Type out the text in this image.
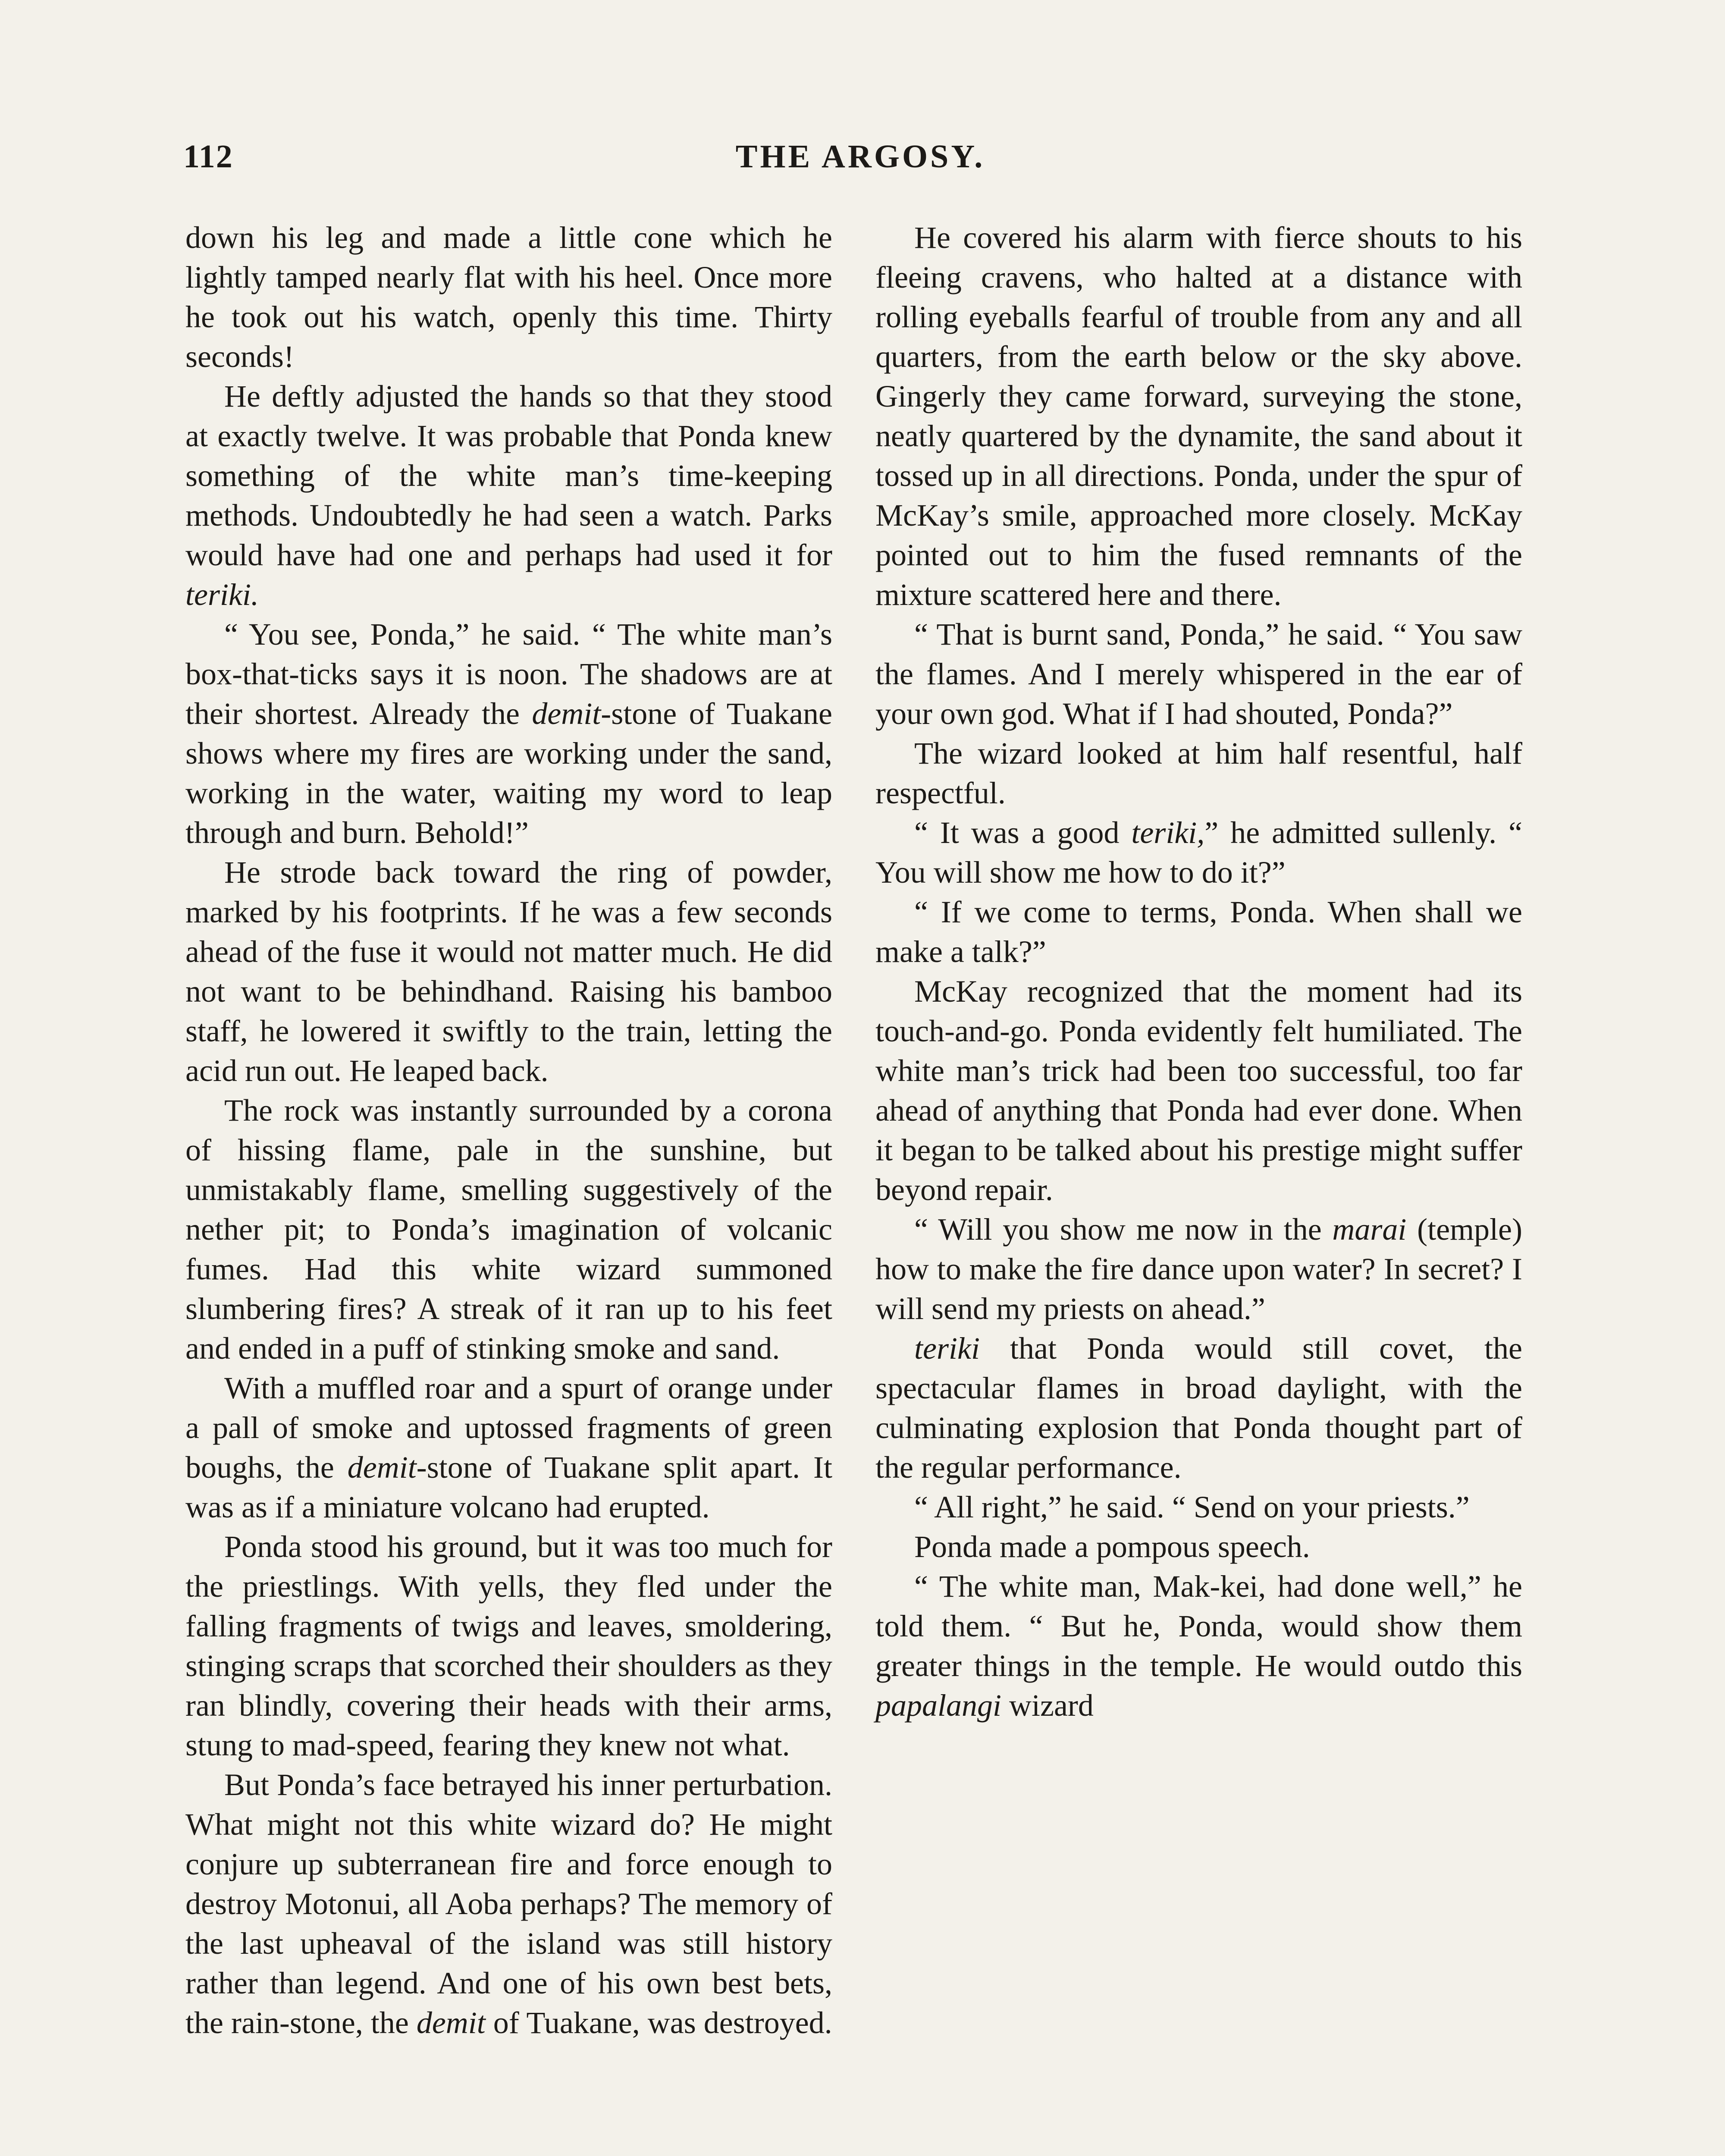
112	THE ARGOSY.

down his leg and made a little cone which he lightly tamped nearly flat with his heel. Once more he took out his watch, openly this time. Thirty seconds!

He deftly adjusted the hands so that they stood at exactly twelve. It was probable that Ponda knew something of the white man’s time-keeping methods. Undoubtedly he had seen a watch. Parks would have had one and perhaps had used it for teriki.

“ You see, Ponda,” he said. “ The white man’s box-that-ticks says it is noon. The shadows are at their shortest. Already the demit-stone of Tuakane shows where my fires are working under the sand, working in the water, waiting my word to leap through and burn. Behold!”

He strode back toward the ring of powder, marked by his footprints. If he was a few seconds ahead of the fuse it would not matter much. He did not want to be behindhand. Raising his bamboo staff, he lowered it swiftly to the train, letting the acid run out. He leaped back.

The rock was instantly surrounded by a corona of hissing flame, pale in the sunshine, but unmistakably flame, smelling suggestively of the nether pit; to Ponda’s imagination of volcanic fumes. Had this white wizard summoned slumbering fires? A streak of it ran up to his feet and ended in a puff of stinking smoke and sand.

With a muffled roar and a spurt of orange under a pall of smoke and uptossed fragments of green boughs, the demit-stone of Tuakane split apart. It was as if a miniature volcano had erupted.

Ponda stood his ground, but it was too much for the priestlings. With yells, they fled under the falling fragments of twigs and leaves, smoldering, stinging scraps that scorched their shoulders as they ran blindly, covering their heads with their arms, stung to mad-speed, fearing they knew not what.

But Ponda’s face betrayed his inner perturbation. What might not this white wizard do? He might conjure up subterranean fire and force enough to destroy Motonui, all Aoba perhaps? The memory of the last upheaval of the island was still history rather than legend. And one of his own best bets, the rain-stone, the demit of Tuakane, was destroyed.

He covered his alarm with fierce shouts to his fleeing cravens, who halted at a distance with rolling eyeballs fearful of trouble from any and all quarters, from the earth below or the sky above. Gingerly they came forward, surveying the stone, neatly quartered by the dynamite, the sand about it tossed up in all directions. Ponda, under the spur of McKay’s smile, approached more closely. McKay pointed out to him the fused remnants of the mixture scattered here and there.

“ That is burnt sand, Ponda,” he said. “ You saw the flames. And I merely whispered in the ear of your own god. What if I had shouted, Ponda?”

The wizard looked at him half resentful, half respectful.

“ It was a good teriki,” he admitted sullenly. “ You will show me how to do it?”

“ If we come to terms, Ponda. When shall we make a talk?”

McKay recognized that the moment had its touch-and-go. Ponda evidently felt humiliated. The white man’s trick had been too successful, too far ahead of anything that Ponda had ever done. When it began to be talked about his prestige might suffer beyond repair.

“ Will you show me now in the marai (temple) how to make the fire dance upon water? In secret? I will send my priests on ahead.”

teriki that Ponda would still covet, the spectacular flames in broad daylight, with the culminating explosion that Ponda thought part of the regular performance.

“ All right,” he said. “ Send on your priests.”

Ponda made a pompous speech.

“ The white man, Mak-kei, had done well,” he told them. “ But he, Ponda, would show them greater things in the temple. He would outdo this papalangi wizard
